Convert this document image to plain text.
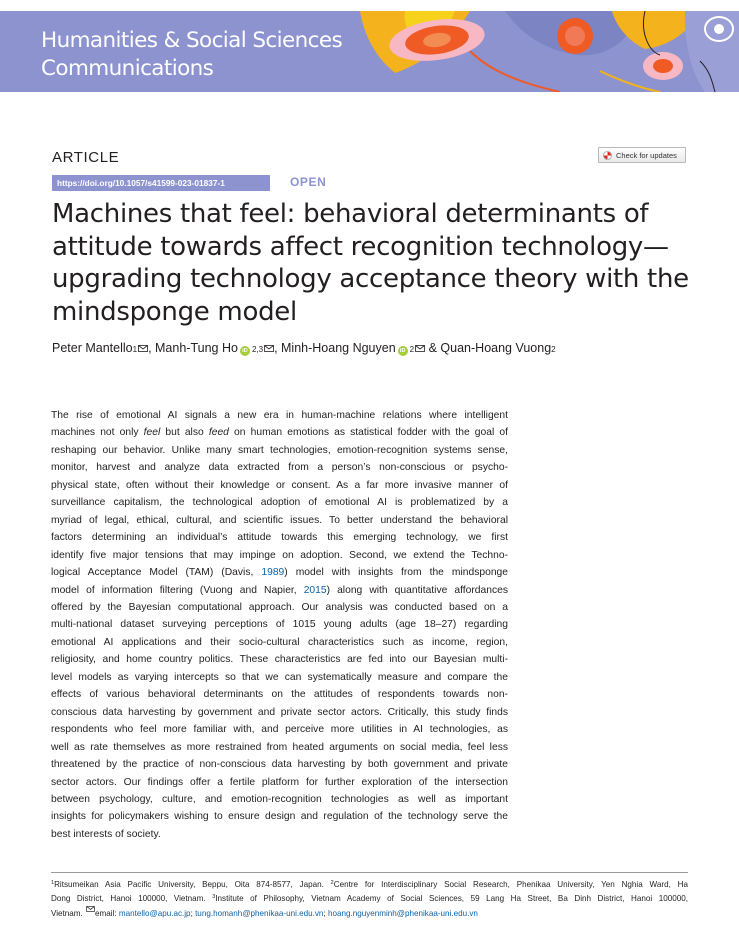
Humanities & Social Sciences Communications
ARTICLE	Check for updates
https://doi.org/10.1057/s41599-023-01837-1	OPEN
Machines that feel: behavioral determinants of attitude towards affect recognition technology—upgrading technology acceptance theory with the mindsponge model
Peter Mantello 1 , Manh-Tung Ho iD 2,3 , Minh-Hoang Nguyen iD 2 & Quan-Hoang Vuong 2

The rise of emotional AI signals a new era in human-machine relations where intelligent
machines not only feel but also feed on human emotions as statistical fodder with the goal of
reshaping our behavior. Unlike many smart technologies, emotion-recognition systems sense,
monitor, harvest and analyze data extracted from a person’s non-conscious or psycho-
physical state, often without their knowledge or consent. As a far more invasive manner of
surveillance capitalism, the technological adoption of emotional AI is problematized by a
myriad of legal, ethical, cultural, and scientific issues. To better understand the behavioral
factors determining an individual’s attitude towards this emerging technology, we first
identify five major tensions that may impinge on adoption. Second, we extend the Techno-
logical Acceptance Model (TAM) (Davis, 1989) model with insights from the mindsponge
model of information filtering (Vuong and Napier, 2015) along with quantitative affordances
offered by the Bayesian computational approach. Our analysis was conducted based on a
multi-national dataset surveying perceptions of 1015 young adults (age 18–27) regarding
emotional AI applications and their socio-cultural characteristics such as income, region,
religiosity, and home country politics. These characteristics are fed into our Bayesian multi-
level models as varying intercepts so that we can systematically measure and compare the
effects of various behavioral determinants on the attitudes of respondents towards non-
conscious data harvesting by government and private sector actors. Critically, this study finds
respondents who feel more familiar with, and perceive more utilities in AI technologies, as
well as rate themselves as more restrained from heated arguments on social media, feel less
threatened by the practice of non-conscious data harvesting by both government and private
sector actors. Our findings offer a fertile platform for further exploration of the intersection
between psychology, culture, and emotion-recognition technologies as well as important
insights for policymakers wishing to ensure design and regulation of the technology serve the
best interests of society.

$^1$Ritsumeikan Asia Pacific University, Beppu, Oita 874-8577, Japan. $^2$Centre for Interdisciplinary Social Research, Phenikaa University, Yen Nghia Ward, Ha
Dong District, Hanoi 100000, Vietnam. $^3$Institute of Philosophy, Vietnam Academy of Social Sciences, 59 Lang Ha Street, Ba Dinh District, Hanoi 100000,
Vietnam. email: mantello@apu.ac.jp; tung.homanh@phenikaa-uni.edu.vn; hoang.nguyenminh@phenikaa-uni.edu.vn
